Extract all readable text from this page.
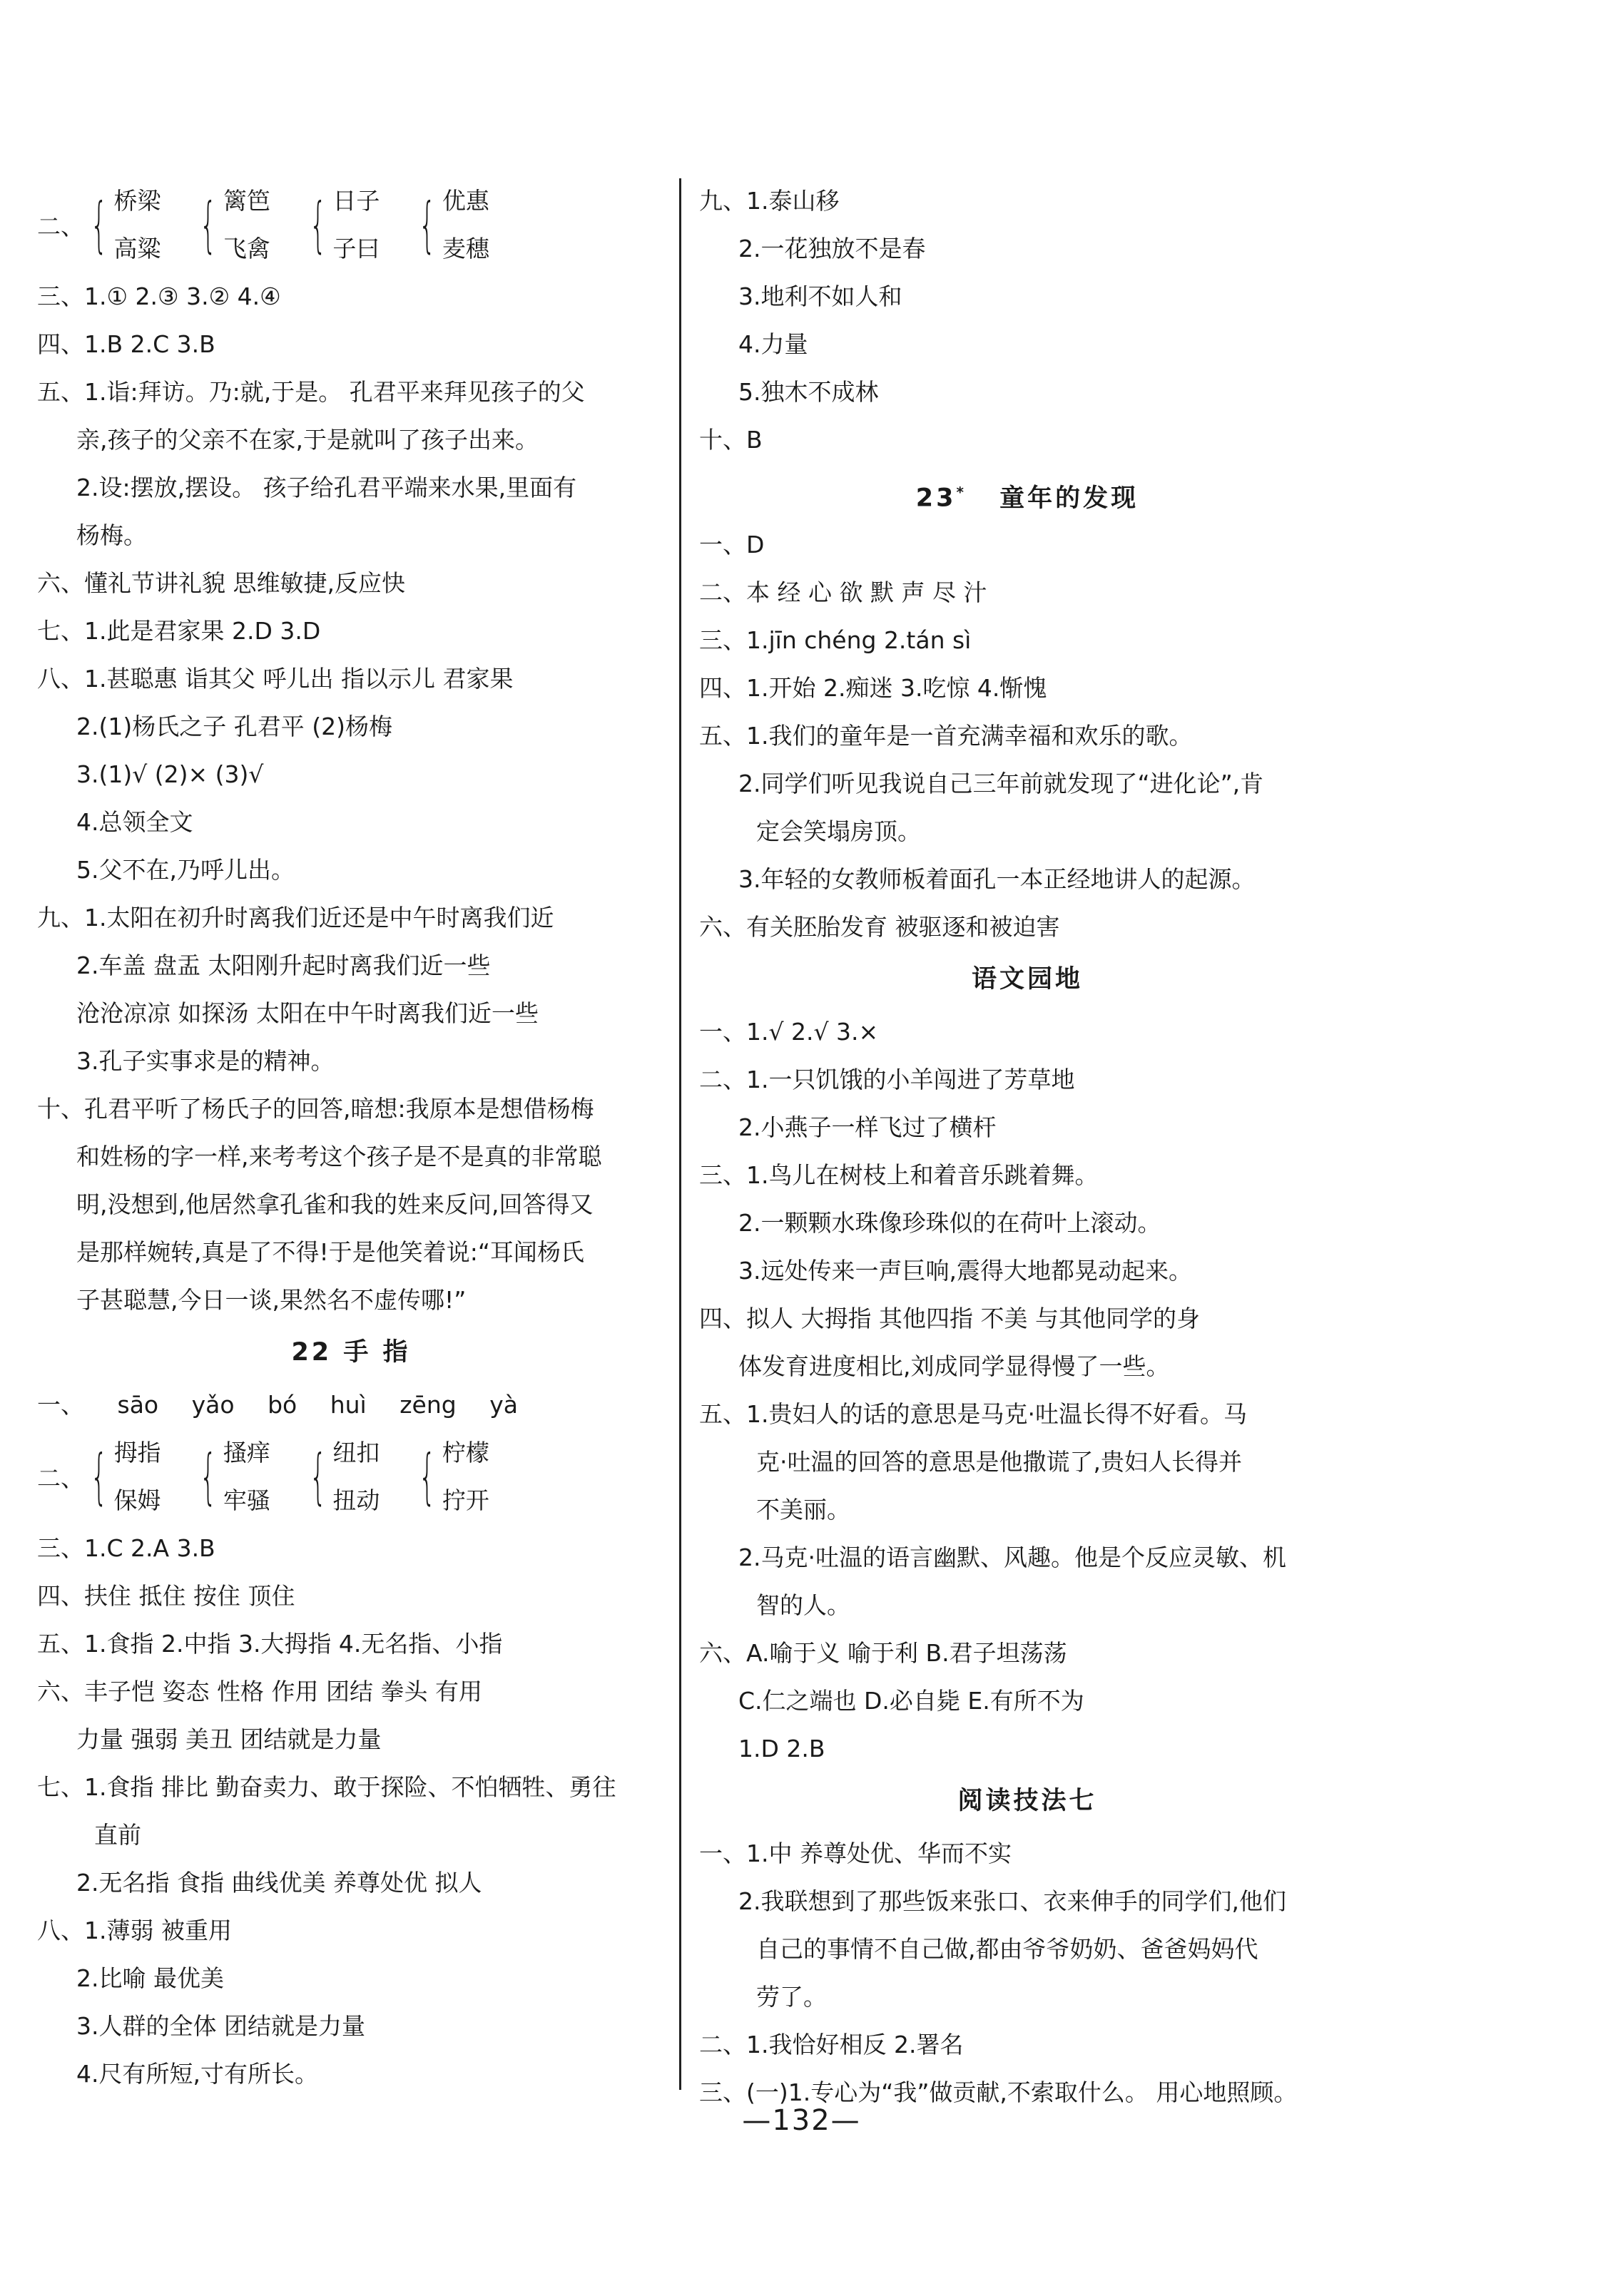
二、 { 桥梁
高粱 { 篱笆
飞禽 { 日子
子曰 { 优惠
麦穗
三、1.① 2.③ 3.② 4.④
四、1.B 2.C 3.B
五、1.诣:拜访。乃:就,于是。 孔君平来拜见孩子的父
亲,孩子的父亲不在家,于是就叫了孩子出来。
2.设:摆放,摆设。 孩子给孔君平端来水果,里面有
杨梅。
六、懂礼节讲礼貌 思维敏捷,反应快
七、1.此是君家果 2.D 3.D
八、1.甚聪惠 诣其父 呼儿出 指以示儿 君家果
2.(1)杨氏之子 孔君平 (2)杨梅
3.(1)√ (2)× (3)√
4.总领全文
5.父不在,乃呼儿出。
九、1.太阳在初升时离我们近还是中午时离我们近
2.车盖 盘盂 太阳刚升起时离我们近一些
沧沧凉凉 如探汤 太阳在中午时离我们近一些
3.孔子实事求是的精神。
十、孔君平听了杨氏子的回答,暗想:我原本是想借杨梅
和姓杨的字一样,来考考这个孩子是不是真的非常聪
明,没想到,他居然拿孔雀和我的姓来反问,回答得又
是那样婉转,真是了不得!于是他笑着说:“耳闻杨氏
子甚聪慧,今日一谈,果然名不虚传哪!”
22 手 指
一、 sāo yǎo bó huì zēng yà
二、 { 拇指
保姆 { 搔痒
牢骚 { 纽扣
扭动 { 柠檬
拧开
三、1.C 2.A 3.B
四、扶住 抵住 按住 顶住
五、1.食指 2.中指 3.大拇指 4.无名指、小指
六、丰子恺 姿态 性格 作用 团结 拳头 有用
力量 强弱 美丑 团结就是力量
七、1.食指 排比 勤奋卖力、敢于探险、不怕牺牲、勇往
直前
2.无名指 食指 曲线优美 养尊处优 拟人
八、1.薄弱 被重用
2.比喻 最优美
3.人群的全体 团结就是力量
4.尺有所短,寸有所长。
九、1.泰山移
2.一花独放不是春
3.地利不如人和
4.力量
5.独木不成林
十、B
23* 童年的发现
一、D
二、本 经 心 欲 默 声 尽 汁
三、1.jīn chéng 2.tán sì
四、1.开始 2.痴迷 3.吃惊 4.惭愧
五、1.我们的童年是一首充满幸福和欢乐的歌。
2.同学们听见我说自己三年前就发现了“进化论”,肯
定会笑塌房顶。
3.年轻的女教师板着面孔一本正经地讲人的起源。
六、有关胚胎发育 被驱逐和被迫害
语文园地
一、1.√ 2.√ 3.×
二、1.一只饥饿的小羊闯进了芳草地
2.小燕子一样飞过了横杆
三、1.鸟儿在树枝上和着音乐跳着舞。
2.一颗颗水珠像珍珠似的在荷叶上滚动。
3.远处传来一声巨响,震得大地都晃动起来。
四、拟人 大拇指 其他四指 不美 与其他同学的身
体发育进度相比,刘成同学显得慢了一些。
五、1.贵妇人的话的意思是马克·吐温长得不好看。马
克·吐温的回答的意思是他撒谎了,贵妇人长得并
不美丽。
2.马克·吐温的语言幽默、风趣。他是个反应灵敏、机
智的人。
六、A.喻于义 喻于利 B.君子坦荡荡
C.仁之端也 D.必自毙 E.有所不为
1.D 2.B
阅读技法七
一、1.中 养尊处优、华而不实
2.我联想到了那些饭来张口、衣来伸手的同学们,他们
自己的事情不自己做,都由爷爷奶奶、爸爸妈妈代
劳了。
二、1.我恰好相反 2.署名
三、(一)1.专心为“我”做贡献,不索取什么。 用心地照顾。
—132—
